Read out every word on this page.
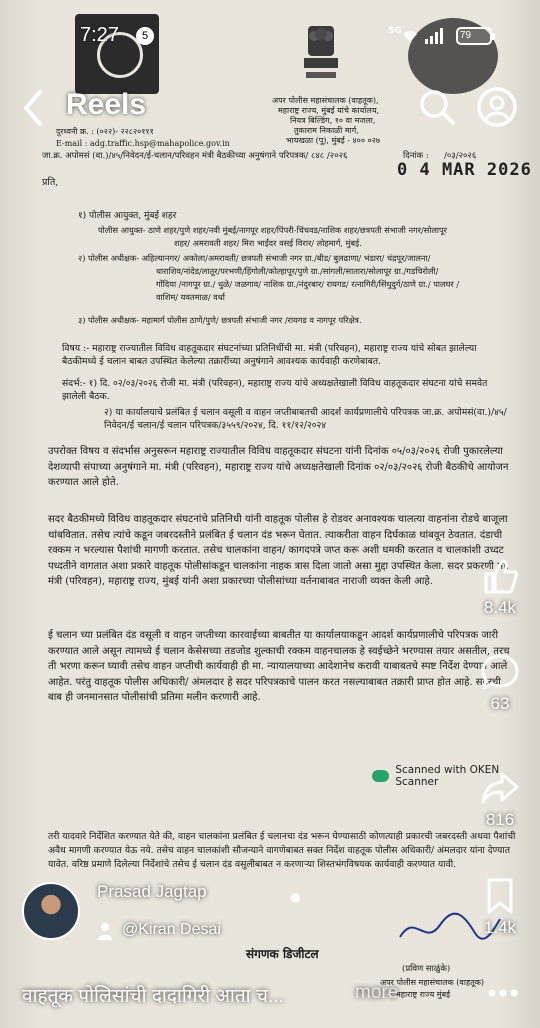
दुरध्वनी क्र. : (०२२)- २२८२०१११
E-mail : adg.traffic.hsp@mahapolice.gov.in
अपर पोलीस महासंचालक (वाहतूक),
महाराष्ट्र राज्य, मुंबई यांचे कार्यालय,
नियत्र बिल्डिंग, १० वा मजला,
तुकाराम निकाळी मार्ग,
भायखळा (पू), मुंबई - ४०० ०२७
जा.क्र. अपोमसं (वा.)/४५/निवेदन/ई-चलान/परिवहन मंत्री बैठकीच्या अनुषंगाने परिपत्रक/ ८४८ /२०२६	दिनांक : /०३/२०२६
0 4 MAR 2026
प्रति,
१) पोलीस आयुक्त, मुंबई शहर
पोलीस आयुक्त- ठाणे शहर/पुणे शहर/नवी मुंबई/नागपूर शहर/पिंपरी-चिंचवड/नाशिक शहर/छत्रपती संभाजी नगर/सोलापूर
शहर/ अमरावती शहर/ मिरा भाईंदर वसई विरार/ लोहमार्ग, मुंबई.
२) पोलीस अधीक्षक- अहिल्यानगर/ अकोला/अमरावती/ छत्रपती संभाजी नगर ग्रा./बीड/ बुलढाणा/ भंडारा/ चंद्रपूर/जालना/
धाराशिव/नांदेड/लातूर/परभणी/हिंगोली/कोल्हापूर/पुणे ग्रा./सांगली/सातारा/सोलापूर ग्रा./गडचिरोली/
गोंदिया /नागपूर ग्रा./ धुळे/ जळगाव/ नाशिक ग्रा./नंदुरबार/ रायगड/ रत्नागिरी/सिंधुदुर्ग/ठाणे ग्रा./ पालघर /
वाशिम/ यवतमाळ/ वर्धा
३) पोलीस अधीक्षक- महामार्ग पोलीस ठाणे/पुणे/ छत्रपती संभाजी नगर /रायगड व नागपूर परिक्षेत्र.
विषय :- महाराष्ट्र राज्यातील विविध वाहतूकदार संघटनांच्या प्रतिनिधींची मा. मंत्री (परिवहन), महाराष्ट्र राज्य यांचे सोबत झालेल्या बैठकीमध्ये ई चलान बाबत उपस्थित केलेल्या तक्रारींच्या अनुषंगाने आवश्यक कार्यवाही करणेबाबत.
संदर्भ:- १) दि. ०२/०३/२०२६ रोजी मा. मंत्री (परिवहन), महाराष्ट्र राज्य यांचे अध्यक्षतेखाली विविध वाहतूकदार संघटना यांचे समवेत झालेली बैठक.
२) या कार्यालयाचे प्रलंबित ई चलान वसूली व वाहन जप्तीबाबतची आदर्श कार्यप्रणालीचे परिपत्रक जा.क्र. अपोमसं(वा.)/४५/निवेदन/ई चलान/ई चलान परिपत्रक/३५५९/२०२४, दि. ११/१२/२०२४
उपरोक्त विषय व संदर्भास अनुसरून महाराष्ट्र राज्यातील विविध वाहतूकदार संघटना यांनी दिनांक ०५/०३/२०२६ रोजी पुकारलेल्या देशव्यापी संपाच्या अनुषंगाने मा. मंत्री (परिवहन), महाराष्ट्र राज्य यांचे अध्यक्षतेखाली दिनांक ०२/०३/२०२६ रोजी बैठकीचे आयोजन करण्यात आले होते.
सदर बैठकीमध्ये विविध वाहतूकदार संघटनांचे प्रतिनिधी यांनी वाहतूक पोलीस हे रोडवर अनावश्यक चालत्या वाहनांना रोडचे बाजूला थांबवितात. तसेच त्यांचे कडून जबरदस्तीने प्रलंबित ई चलान दंड भरून घेतात. त्याकरीता वाहन दिर्घकाळ थांबवून ठेवतात. दंडाची रक्कम न भरल्यास पैशांची मागणी करतात. तसेच चालकांना वाहन/ कागदपत्रे जप्त करू अशी धमकी करतात व चालकांशी उध्दट पध्दतीने वागतात अशा प्रकारे वाहतूक पोलीसांकडून चालकांना नाहक त्रास दिला जातो असा मुद्दा उपस्थित केला. सदर प्रकरणी मा. मंत्री (परिवहन), महाराष्ट्र राज्य, मुंबई यांनी अशा प्रकारच्या पोलीसांच्या वर्तनाबाबत नाराजी व्यक्त केली आहे.
ई चलान च्या प्रलंबित दंड वसूली व वाहन जप्तीच्या कारवाईच्या बाबतीत या कार्यालयाकडून आदर्श कार्यप्रणालीचे परिपत्रक जारी करण्यात आले असून त्यामध्ये ई चलान केसेसच्या तडजोड शुल्काची रक्कम वाहनचालक हे स्वईच्छेने भरण्यास तयार असतील, तरच ती भरणा करून घ्यावी तसेच वाहन जप्तीची कार्यवाही ही मा. न्यायालयाच्या आदेशानेच करावी याबाबतचे स्पष्ट निर्देश देण्यात आले आहेत. परंतु वाहतूक पोलीस अधिकारी/ अंमलदार हे सदर परिपत्रकाचे पालन करत नसल्याबाबत तक्रारी प्राप्त होत आहे. सदरची बाब ही जनमानसात पोलीसांची प्रतिमा मलीन करणारी आहे.
Scanned with OKEN Scanner
तरी यादवारे निर्देशित करण्यात येते की, वाहन चालकांना प्रलंबित ई चलानचा दंड भरून घेण्यासाठी कोणत्याही प्रकारची जबरदस्ती अथवा पैशांची अवैध मागणी करण्यात येऊ नये. तसेच वाहन चालकांशी सौजन्याने वागणेबाबत सक्त निर्देश वाहतूक पोलीस अधिकारी/ अंमलदार यांना देण्यात यावेत. वरिष्ठ प्रमाणे दिलेल्या निर्देशांचे तसेच ई चलान दंड वसुलीबाबत न करणाऱ्या शिस्तभंगविषयक कार्यवाही करण्यात यावी.
(प्रविण साळुंके)
अपर पोलीस महासंचालक (वाहतूक)
महाराष्ट्र राज्य मुंबई
संगणक डिजीटल
7:27	5	5G	79
Reels
8.4k
63
816
1.4k
Prasad Jagtap	●
@Kiran Desai
वाहतूक पोलिसांची दादागिरी आता च...	more
